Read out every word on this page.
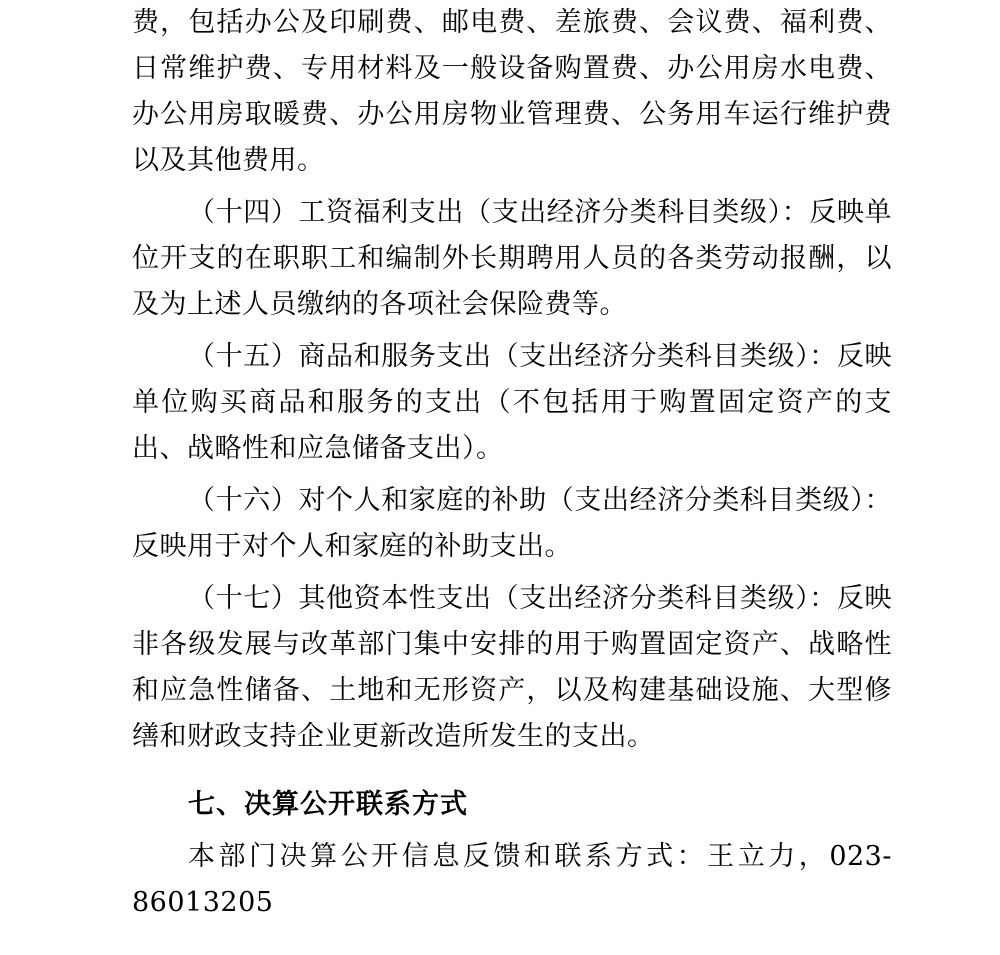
费，包括办公及印刷费、邮电费、差旅费、会议费、福利费、日常维护费、专用材料及一般设备购置费、办公用房水电费、办公用房取暖费、办公用房物业管理费、公务用车运行维护费以及其他费用。

（十四）工资福利支出（支出经济分类科目类级）：反映单位开支的在职职工和编制外长期聘用人员的各类劳动报酬，以及为上述人员缴纳的各项社会保险费等。

（十五）商品和服务支出（支出经济分类科目类级）：反映单位购买商品和服务的支出（不包括用于购置固定资产的支出、战略性和应急储备支出）。

（十六）对个人和家庭的补助（支出经济分类科目类级）：反映用于对个人和家庭的补助支出。

（十七）其他资本性支出（支出经济分类科目类级）：反映非各级发展与改革部门集中安排的用于购置固定资产、战略性和应急性储备、土地和无形资产，以及构建基础设施、大型修缮和财政支持企业更新改造所发生的支出。

七、决算公开联系方式

本部门决算公开信息反馈和联系方式：王立力，023-86013205
